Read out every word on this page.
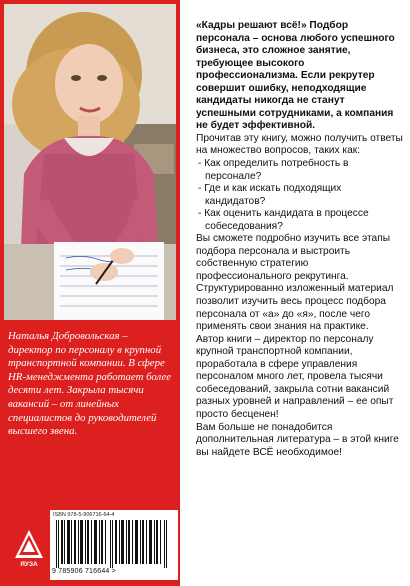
Наталья Добровольская – директор по персоналу в крупной транспортной компании. В сфере HR-менеджмента работает более десяти лет. Закрыла тысячи вакансий – от линейных специалистов до руководителей высшего звена.

ЯУЗА
ISBN 978-5-906716-64-4
9 785906 716644 >

«Кадры решают всё!» Подбор персонала – основа любого успешного бизнеса, это сложное занятие, требующее высокого профессионализма. Если рекрутер совершит ошибку, неподходящие кандидаты никогда не станут успешными сотрудниками, а компания не будет эффективной.

Прочитав эту книгу, можно получить ответы на множество вопросов, таких как:

- Как определить потребность в персонале?

- Где и как искать подходящих кандидатов?

- Как оценить кандидата в процессе собеседования?

Вы сможете подробно изучить все этапы подбора персонала и выстроить собственную стратегию профессионального рекрутинга. Структурированно изложенный материал позволит изучить весь процесс подбора персонала от «а» до «я», после чего применять свои знания на практике.

Автор книги – директор по персоналу крупной транспортной компании, проработала в сфере управления персоналом много лет, провела тысячи собеседований, закрыла сотни вакансий разных уровней и направлений – ее опыт просто бесценен!

Вам больше не понадобится дополнительная литература – в этой книге вы найдете ВСЁ необходимое!
